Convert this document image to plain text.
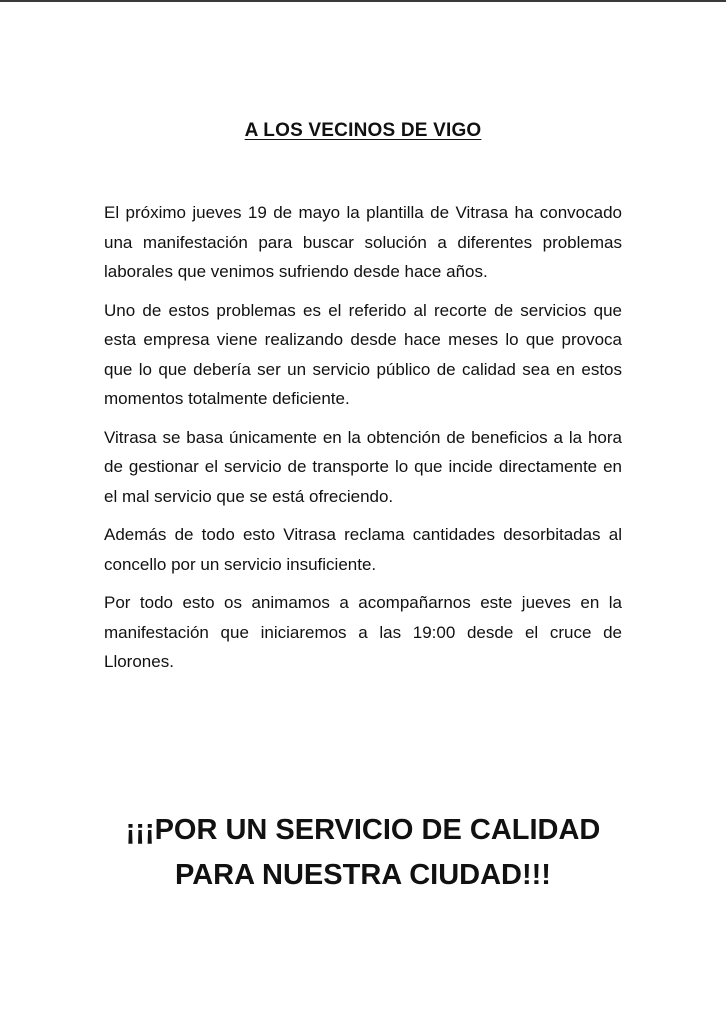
A LOS VECINOS DE VIGO

El próximo jueves 19 de mayo la plantilla de Vitrasa ha convocado una manifestación para buscar solución a diferentes problemas laborales que venimos sufriendo desde hace años.

Uno de estos problemas es el referido al recorte de servicios que esta empresa viene realizando desde hace meses lo que provoca que lo que debería ser un servicio público de calidad sea en estos momentos totalmente deficiente.

Vitrasa se basa únicamente en la obtención de beneficios a la hora de gestionar el servicio de transporte lo que incide directamente en el mal servicio que se está ofreciendo.

Además de todo esto Vitrasa reclama cantidades desorbitadas al concello por un servicio insuficiente.

Por todo esto os animamos a acompañarnos este jueves en la manifestación que iniciaremos a las 19:00 desde el cruce de Llorones.

¡¡¡POR UN SERVICIO DE CALIDAD
PARA NUESTRA CIUDAD!!!
